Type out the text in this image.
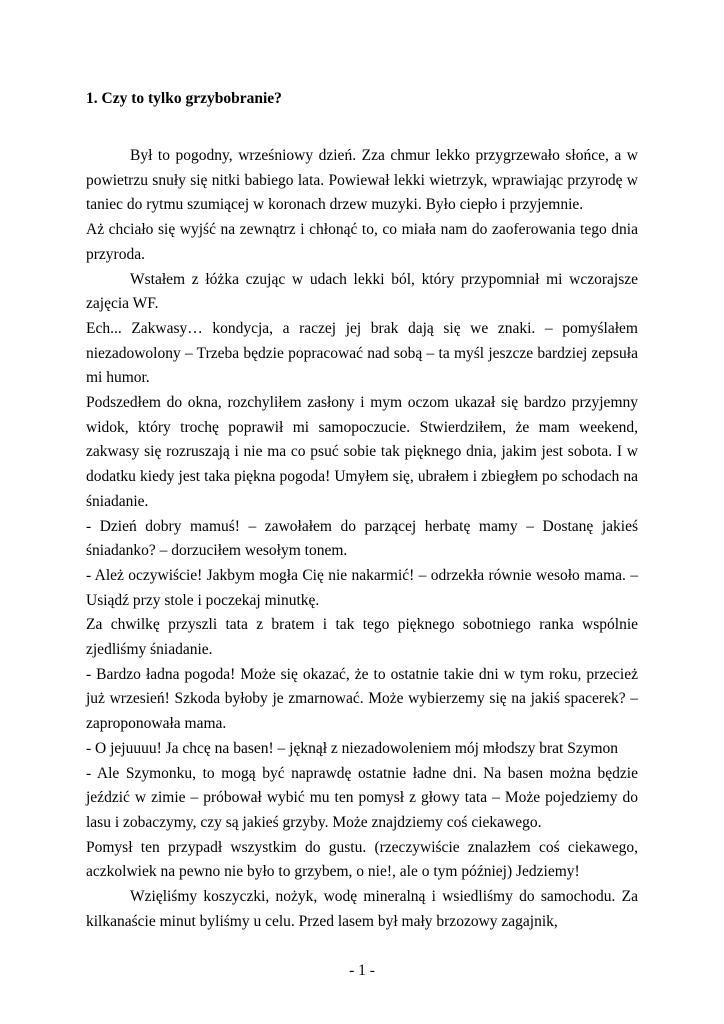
1. Czy to tylko grzybobranie?

Był to pogodny, wrześniowy dzień. Zza chmur lekko przygrzewało słońce, a w powietrzu snuły się nitki babiego lata. Powiewał lekki wietrzyk, wprawiając przyrodę w taniec do rytmu szumiącej w koronach drzew muzyki. Było ciepło i przyjemnie.

Aż chciało się wyjść na zewnątrz i chłonąć to, co miała nam do zaoferowania tego dnia przyroda.

Wstałem z łóżka czując w udach lekki ból, który przypomniał mi wczorajsze zajęcia WF.

Ech... Zakwasy… kondycja, a raczej jej brak dają się we znaki. – pomyślałem niezadowolony – Trzeba będzie popracować nad sobą – ta myśl jeszcze bardziej zepsuła mi humor.

Podszedłem do okna, rozchyliłem zasłony i mym oczom ukazał się bardzo przyjemny widok, który trochę poprawił mi samopoczucie. Stwierdziłem, że mam weekend, zakwasy się rozruszają i nie ma co psuć sobie tak pięknego dnia, jakim jest sobota. I w dodatku kiedy jest taka piękna pogoda! Umyłem się, ubrałem i zbiegłem po schodach na śniadanie.

- Dzień dobry mamuś! – zawołałem do parzącej herbatę mamy – Dostanę jakieś śniadanko? – dorzuciłem wesołym tonem.

- Ależ oczywiście! Jakbym mogła Cię nie nakarmić! – odrzekła równie wesoło mama. – Usiądź przy stole i poczekaj minutkę.

Za chwilkę przyszli tata z bratem i tak tego pięknego sobotniego ranka wspólnie zjedliśmy śniadanie.

- Bardzo ładna pogoda! Może się okazać, że to ostatnie takie dni w tym roku, przecież już wrzesień! Szkoda byłoby je zmarnować. Może wybierzemy się na jakiś spacerek? – zaproponowała mama.

- O jejuuuu! Ja chcę na basen! – jęknął z niezadowoleniem mój młodszy brat Szymon

- Ale Szymonku, to mogą być naprawdę ostatnie ładne dni. Na basen można będzie jeździć w zimie – próbował wybić mu ten pomysł z głowy tata – Może pojedziemy do lasu i zobaczymy, czy są jakieś grzyby. Może znajdziemy coś ciekawego.

Pomysł ten przypadł wszystkim do gustu. (rzeczywiście znalazłem coś ciekawego, aczkolwiek na pewno nie było to grzybem, o nie!, ale o tym później) Jedziemy!

Wzięliśmy koszyczki, nożyk, wodę mineralną i wsiedliśmy do samochodu. Za kilkanaście minut byliśmy u celu. Przed lasem był mały brzozowy zagajnik,

- 1 -
